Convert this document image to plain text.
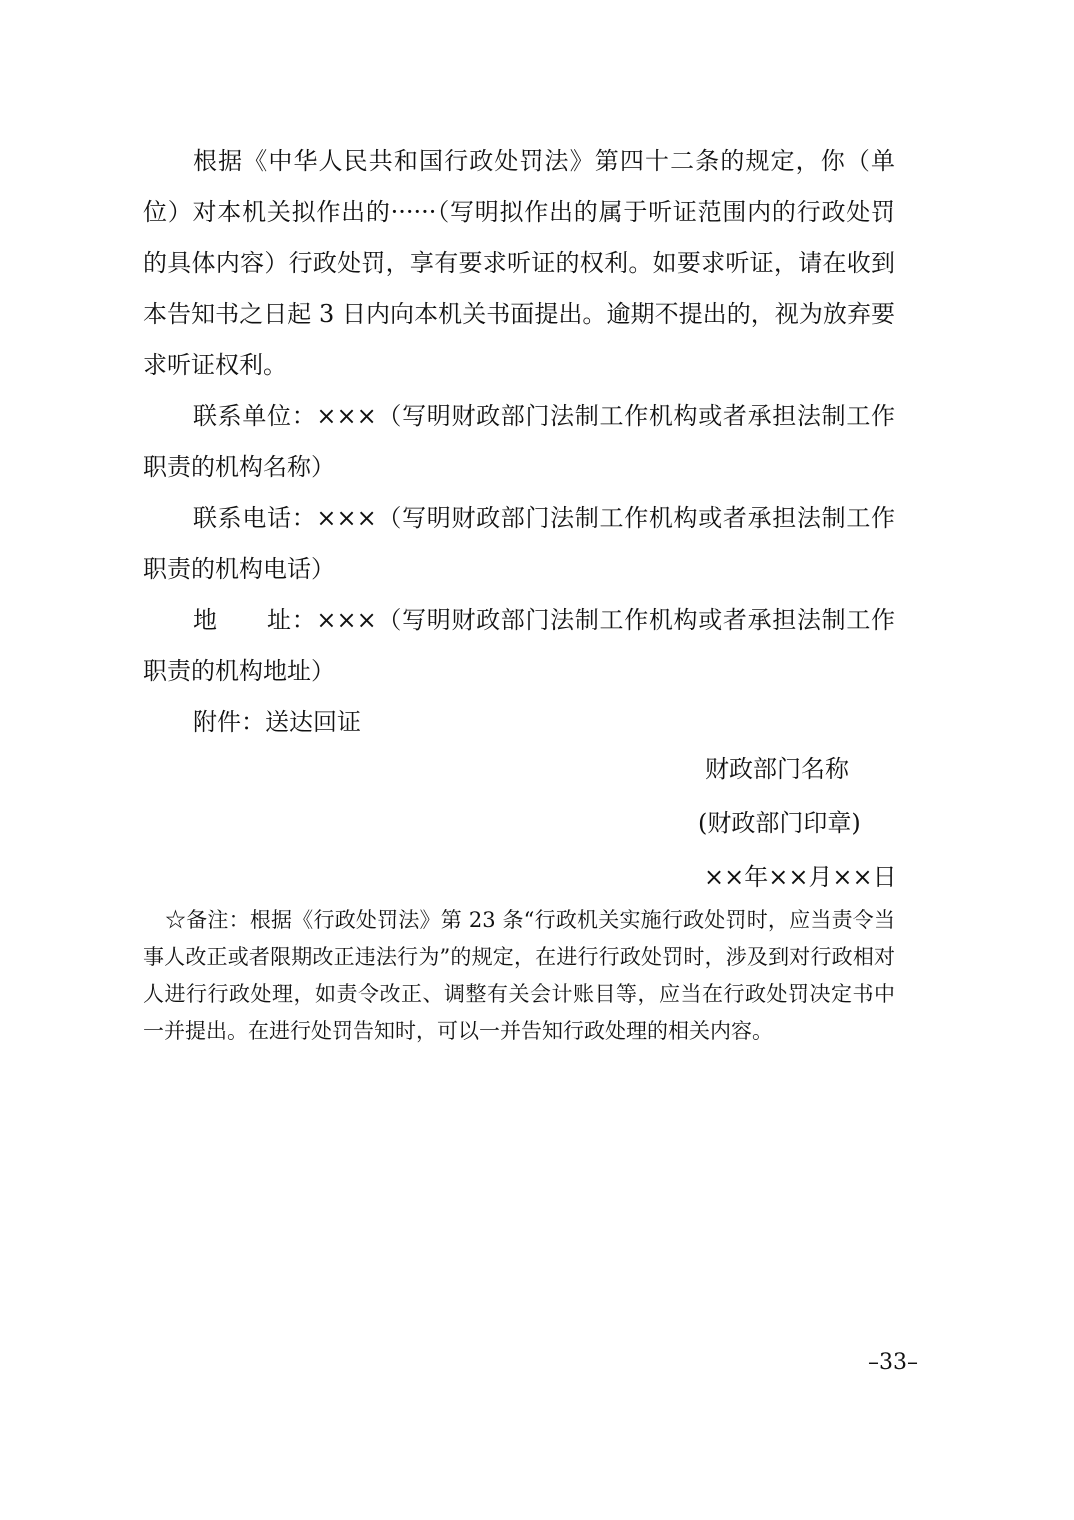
根据《中华人民共和国行政处罚法》第四十二条的规定，你（单位）对本机关拟作出的······（写明拟作出的属于听证范围内的行政处罚的具体内容）行政处罚，享有要求听证的权利。如要求听证，请在收到本告知书之日起 3 日内向本机关书面提出。逾期不提出的，视为放弃要求听证权利。

联系单位：×××（写明财政部门法制工作机构或者承担法制工作职责的机构名称）

联系电话：×××（写明财政部门法制工作机构或者承担法制工作职责的机构电话）

地　　址：×××（写明财政部门法制工作机构或者承担法制工作职责的机构地址）

附件：送达回证

财政部门名称
(财政部门印章)
××年××月××日

☆备注：根据《行政处罚法》第 23 条“行政机关实施行政处罚时，应当责令当事人改正或者限期改正违法行为”的规定，在进行行政处罚时，涉及到对行政相对人进行行政处理，如责令改正、调整有关会计账目等，应当在行政处罚决定书中一并提出。在进行处罚告知时，可以一并告知行政处理的相关内容。

–33–
